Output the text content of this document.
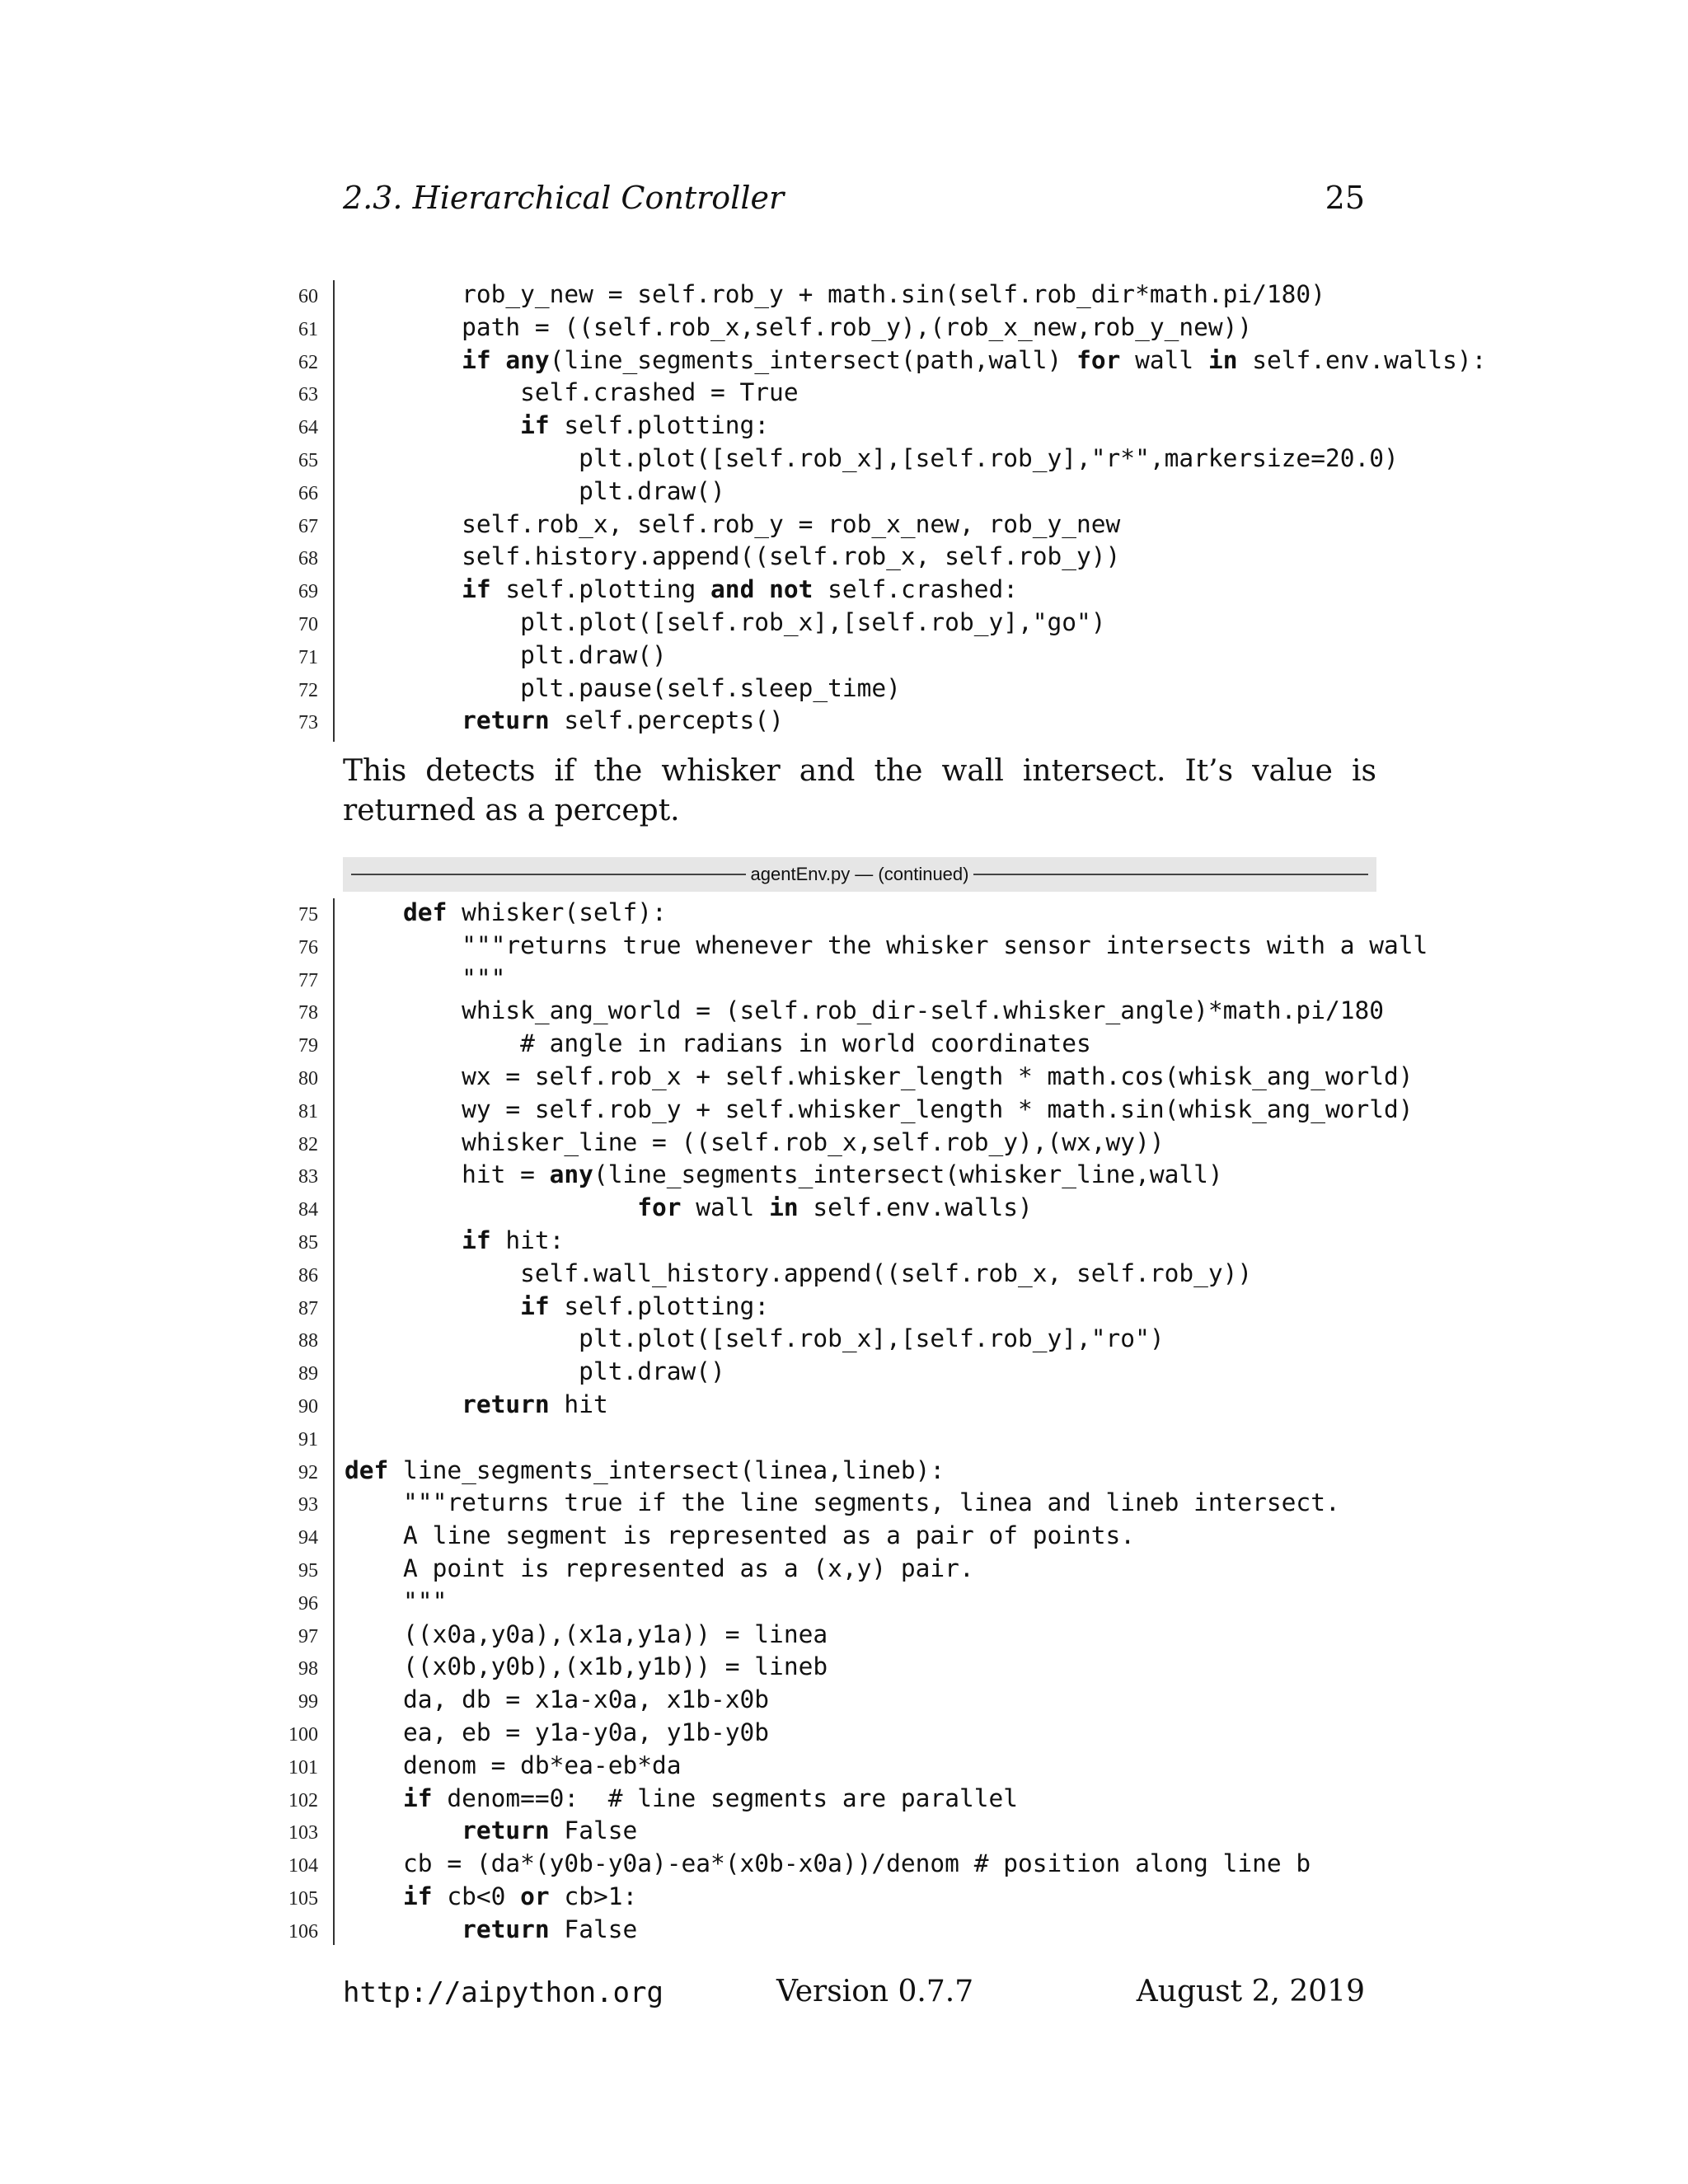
2.3. Hierarchical Controller	25
60 rob_y_new = self.rob_y + math.sin(self.rob_dir*math.pi/180)
61 path = ((self.rob_x,self.rob_y),(rob_x_new,rob_y_new))
62	if any(line_segments_intersect(path,wall) for wall in self.env.walls):
63 self.crashed = True
64	if self.plotting:
65 plt.plot([self.rob_x],[self.rob_y],"r*",markersize=20.0)
66 plt.draw()
67 self.rob_x, self.rob_y = rob_x_new, rob_y_new
68 self.history.append((self.rob_x, self.rob_y))
69	if self.plotting and not self.crashed:
70 plt.plot([self.rob_x],[self.rob_y],"go")
71 plt.draw()
72 plt.pause(self.sleep_time)
73	return self.percepts()
This detects if the whisker and the wall intersect. It’s value is returned as a percept.
agentEnv.py — (continued)
75	def whisker(self):
76 """returns true whenever the whisker sensor intersects with a wall
77 """
78 whisk_ang_world = (self.rob_dir-self.whisker_angle)*math.pi/180
79 # angle in radians in world coordinates
80 wx = self.rob_x + self.whisker_length * math.cos(whisk_ang_world)
81 wy = self.rob_y + self.whisker_length * math.sin(whisk_ang_world)
82 whisker_line = ((self.rob_x,self.rob_y),(wx,wy))
83 hit = any(line_segments_intersect(whisker_line,wall)
84	for wall in self.env.walls)
85	if hit:
86 self.wall_history.append((self.rob_x, self.rob_y))
87	if self.plotting:
88 plt.plot([self.rob_x],[self.rob_y],"ro")
89 plt.draw()
90	return hit
91
92 def line_segments_intersect(linea,lineb):
93 """returns true if the line segments, linea and lineb intersect.
94 A line segment is represented as a pair of points.
95 A point is represented as a (x,y) pair.
96 """
97 ((x0a,y0a),(x1a,y1a)) = linea
98 ((x0b,y0b),(x1b,y1b)) = lineb
99 da, db = x1a-x0a, x1b-x0b
100 ea, eb = y1a-y0a, y1b-y0b
101 denom = db*ea-eb*da
102	if denom==0:  # line segments are parallel
103	return False
104 cb = (da*(y0b-y0a)-ea*(x0b-x0a))/denom # position along line b
105	if cb<0 or cb>1:
106	return False
http://aipython.org	Version 0.7.7	August 2, 2019
